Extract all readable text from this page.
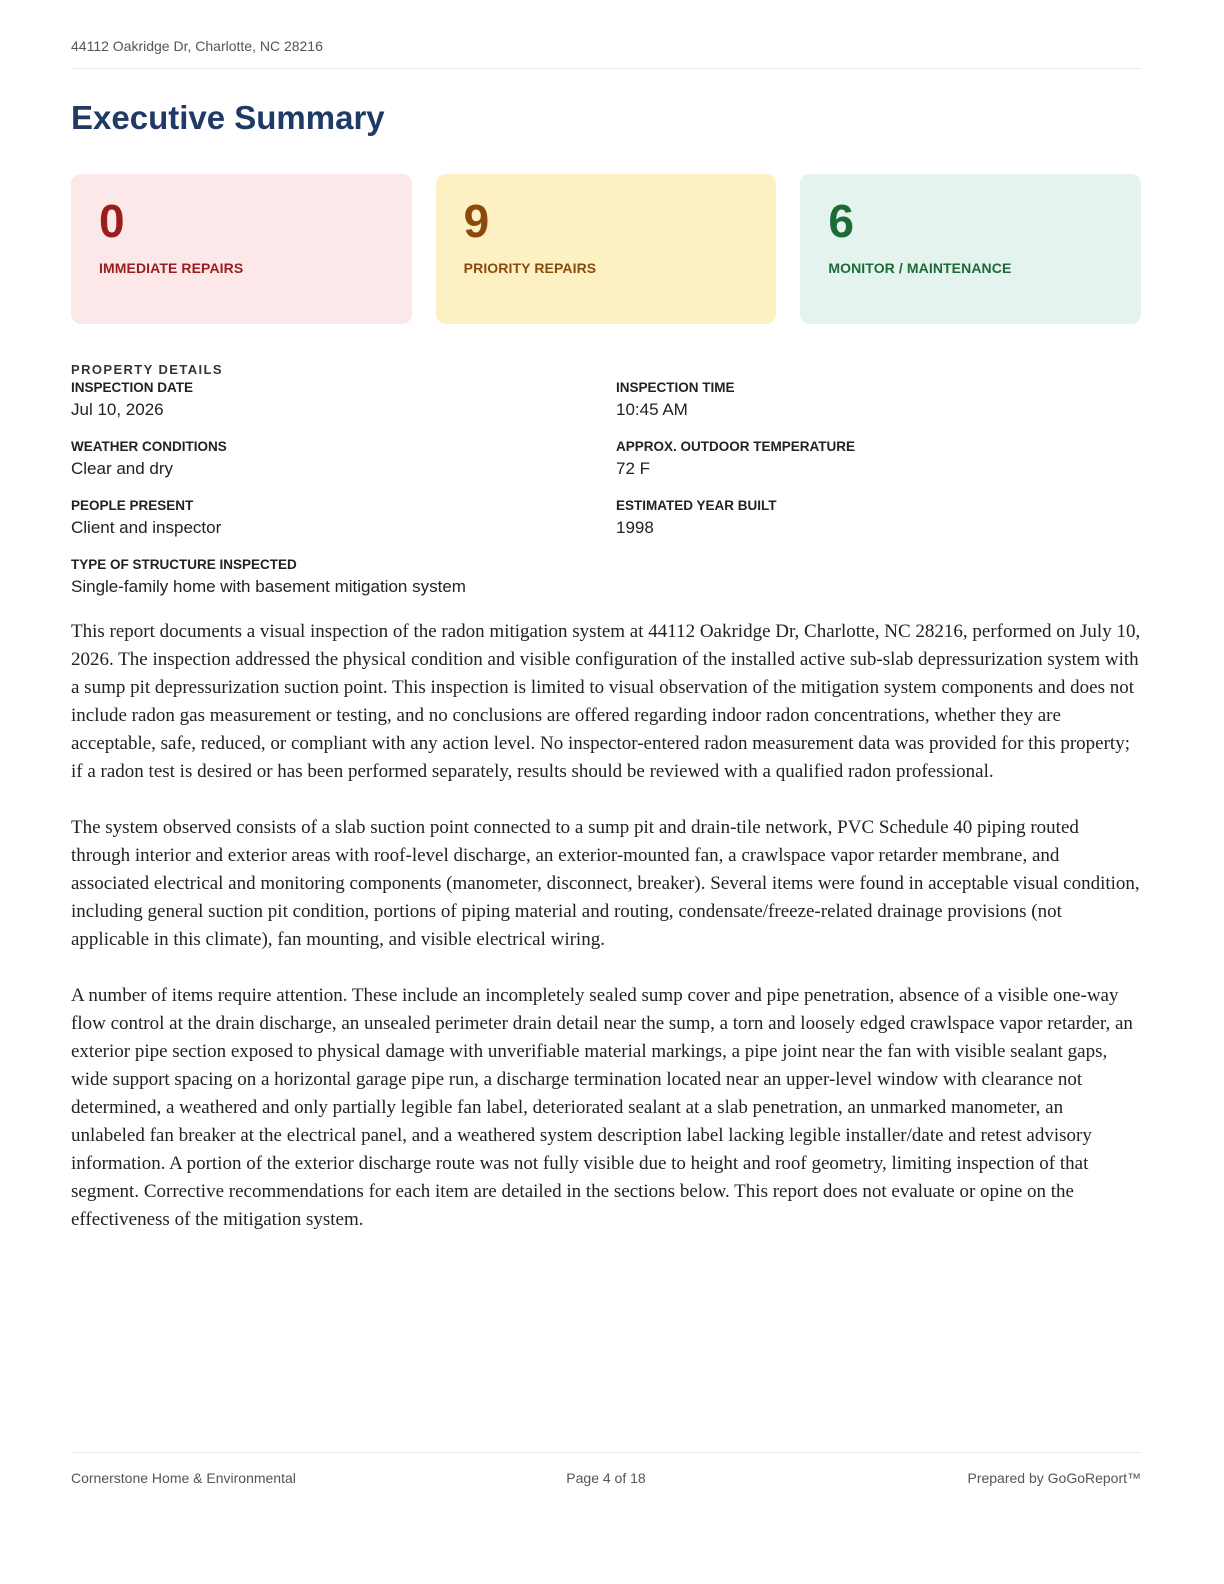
44112 Oakridge Dr, Charlotte, NC 28216
Executive Summary
0
IMMEDIATE REPAIRS
9
PRIORITY REPAIRS
6
MONITOR / MAINTENANCE
PROPERTY DETAILS
INSPECTION DATE
Jul 10, 2026
INSPECTION TIME
10:45 AM
WEATHER CONDITIONS
Clear and dry
APPROX. OUTDOOR TEMPERATURE
72 F
PEOPLE PRESENT
Client and inspector
ESTIMATED YEAR BUILT
1998
TYPE OF STRUCTURE INSPECTED
Single-family home with basement mitigation system

This report documents a visual inspection of the radon mitigation system at 44112 Oakridge Dr, Charlotte, NC 28216, performed on July 10, 2026. The inspection addressed the physical condition and visible configuration of the installed active sub-slab depressurization system with a sump pit depressurization suction point. This inspection is limited to visual observation of the mitigation system components and does not include radon gas measurement or testing, and no conclusions are offered regarding indoor radon concentrations, whether they are acceptable, safe, reduced, or compliant with any action level. No inspector-entered radon measurement data was provided for this property; if a radon test is desired or has been performed separately, results should be reviewed with a qualified radon professional.

The system observed consists of a slab suction point connected to a sump pit and drain-tile network, PVC Schedule 40 piping routed through interior and exterior areas with roof-level discharge, an exterior-mounted fan, a crawlspace vapor retarder membrane, and associated electrical and monitoring components (manometer, disconnect, breaker). Several items were found in acceptable visual condition, including general suction pit condition, portions of piping material and routing, condensate/freeze-related drainage provisions (not applicable in this climate), fan mounting, and visible electrical wiring.

A number of items require attention. These include an incompletely sealed sump cover and pipe penetration, absence of a visible one-way flow control at the drain discharge, an unsealed perimeter drain detail near the sump, a torn and loosely edged crawlspace vapor retarder, an exterior pipe section exposed to physical damage with unverifiable material markings, a pipe joint near the fan with visible sealant gaps, wide support spacing on a horizontal garage pipe run, a discharge termination located near an upper-level window with clearance not determined, a weathered and only partially legible fan label, deteriorated sealant at a slab penetration, an unmarked manometer, an unlabeled fan breaker at the electrical panel, and a weathered system description label lacking legible installer/date and retest advisory information. A portion of the exterior discharge route was not fully visible due to height and roof geometry, limiting inspection of that segment. Corrective recommendations for each item are detailed in the sections below. This report does not evaluate or opine on the effectiveness of the mitigation system.

Cornerstone Home & Environmental	Page 4 of 18	Prepared by GoGoReport™
